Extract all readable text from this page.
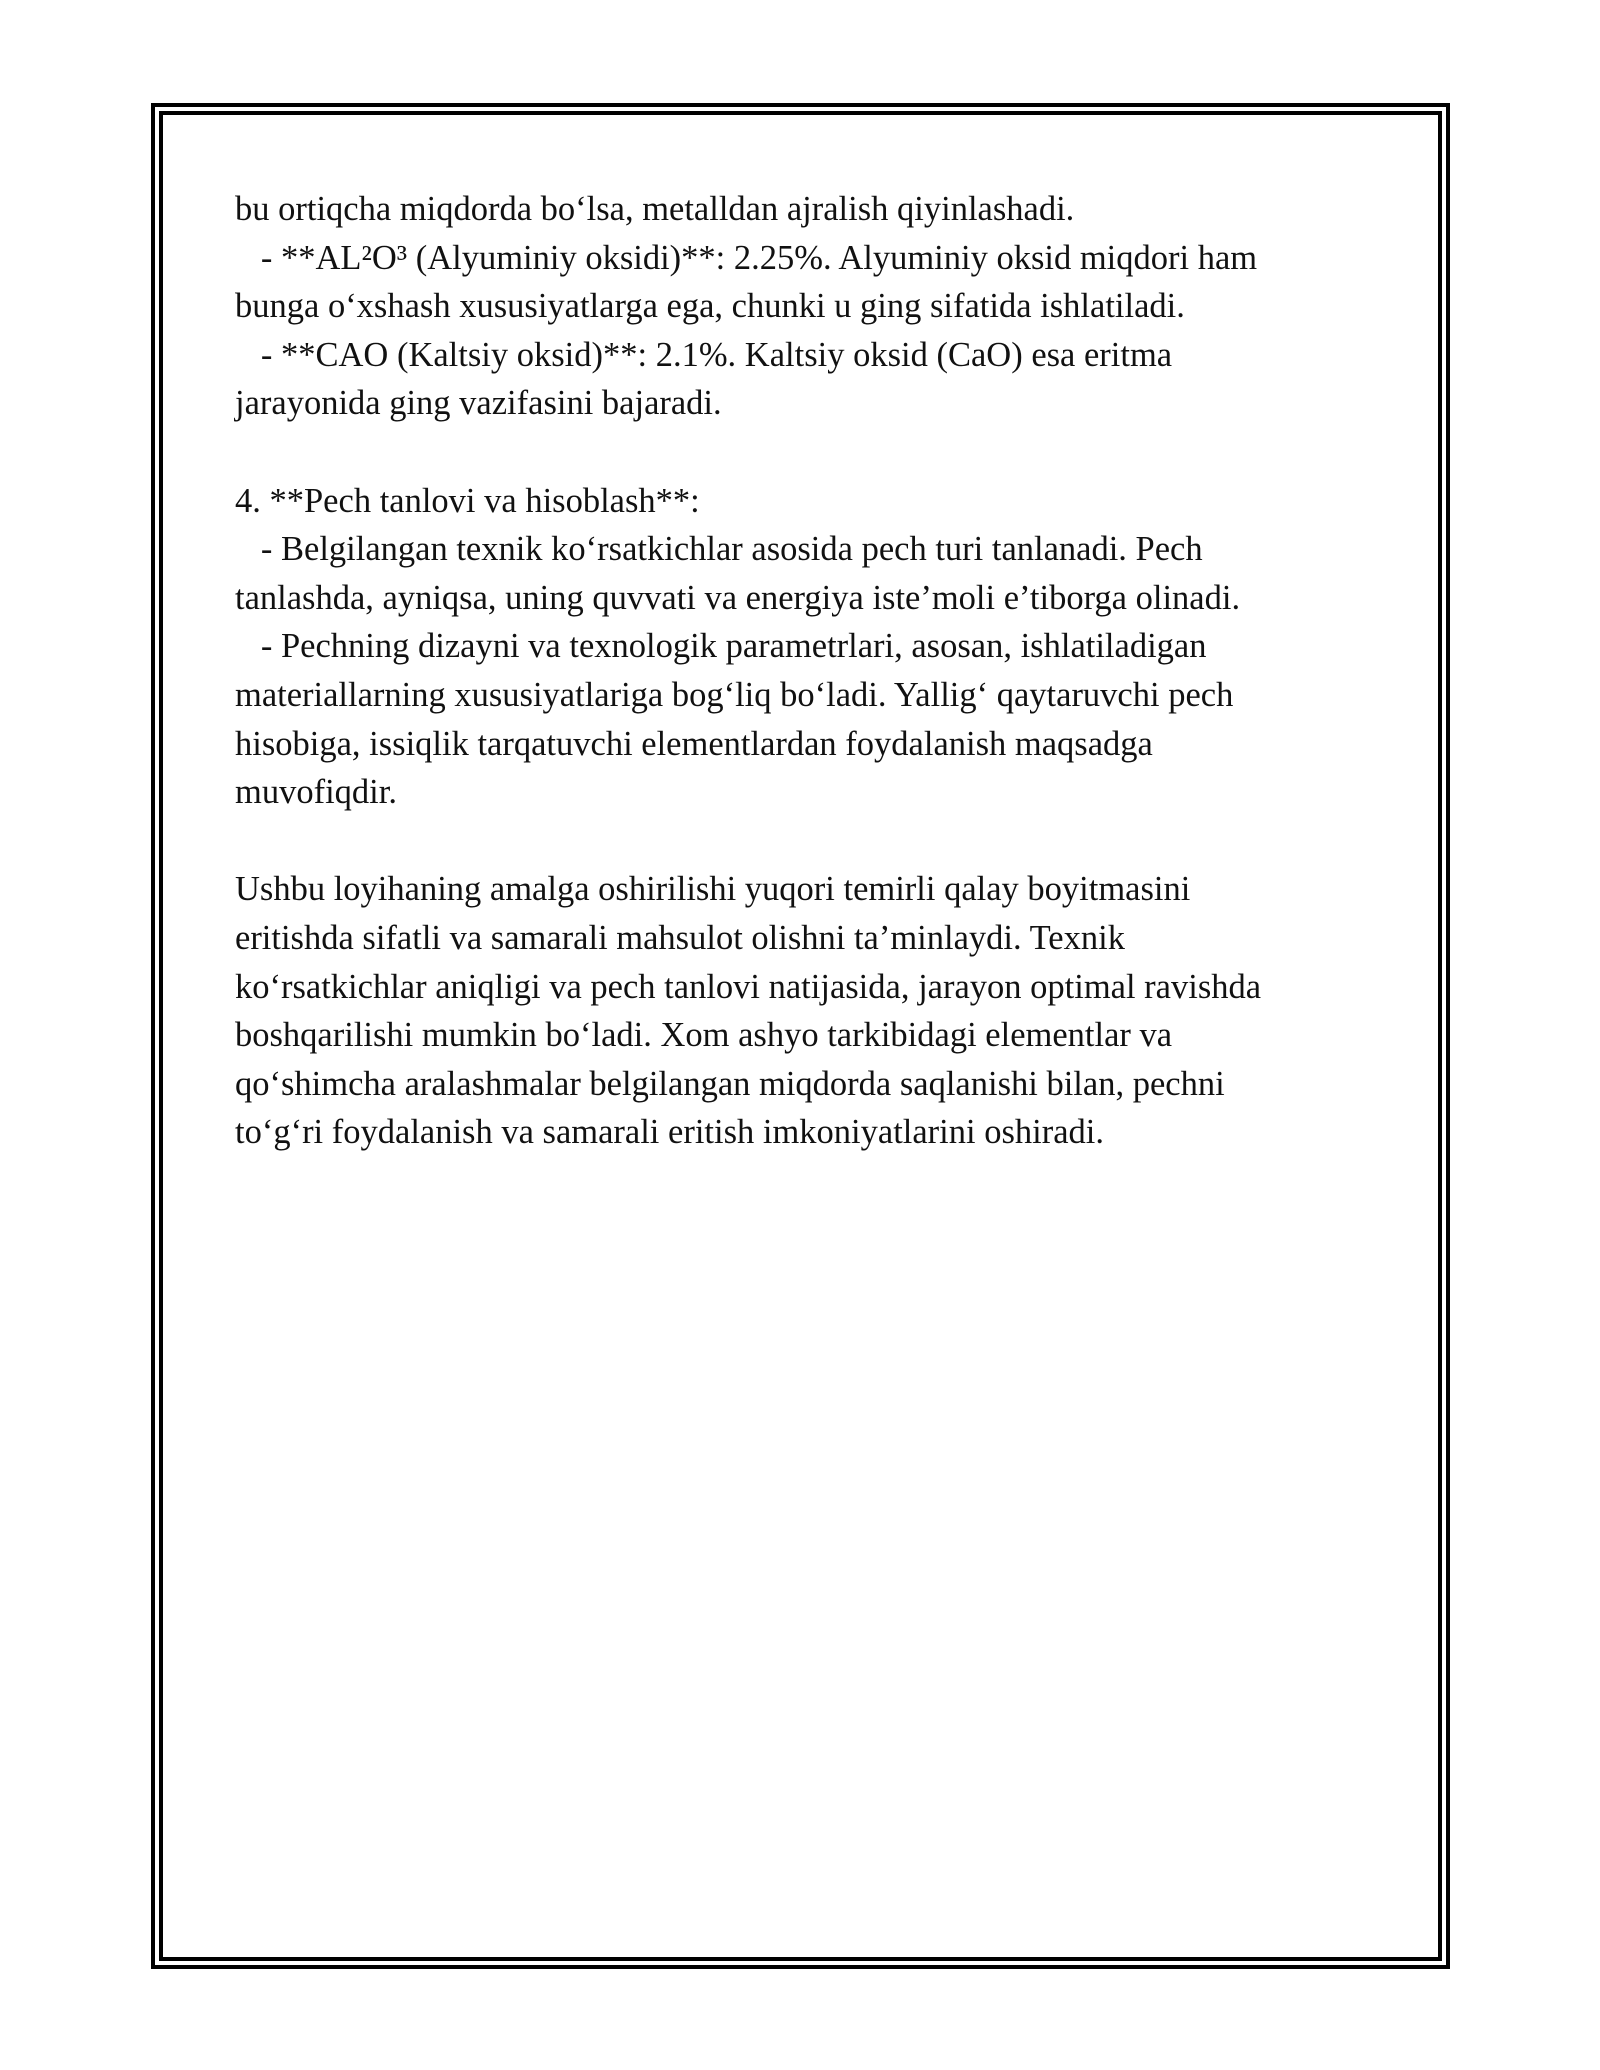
bu ortiqcha miqdorda bo‘lsa, metalldan ajralish qiyinlashadi.
- **AL²O³ (Alyuminiy oksidi)**: 2.25%. Alyuminiy oksid miqdori ham
bunga o‘xshash xususiyatlarga ega, chunki u ging sifatida ishlatiladi.
- **CAO (Kaltsiy oksid)**: 2.1%. Kaltsiy oksid (CaO) esa eritma
jarayonida ging vazifasini bajaradi.
4. **Pech tanlovi va hisoblash**:
- Belgilangan texnik ko‘rsatkichlar asosida pech turi tanlanadi. Pech
tanlashda, ayniqsa, uning quvvati va energiya iste’moli e’tiborga olinadi.
- Pechning dizayni va texnologik parametrlari, asosan, ishlatiladigan
materiallarning xususiyatlariga bog‘liq bo‘ladi. Yallig‘ qaytaruvchi pech
hisobiga, issiqlik tarqatuvchi elementlardan foydalanish maqsadga
muvofiqdir.
Ushbu loyihaning amalga oshirilishi yuqori temirli qalay boyitmasini
eritishda sifatli va samarali mahsulot olishni ta’minlaydi. Texnik
ko‘rsatkichlar aniqligi va pech tanlovi natijasida, jarayon optimal ravishda
boshqarilishi mumkin bo‘ladi. Xom ashyo tarkibidagi elementlar va
qo‘shimcha aralashmalar belgilangan miqdorda saqlanishi bilan, pechni
to‘g‘ri foydalanish va samarali eritish imkoniyatlarini oshiradi.
